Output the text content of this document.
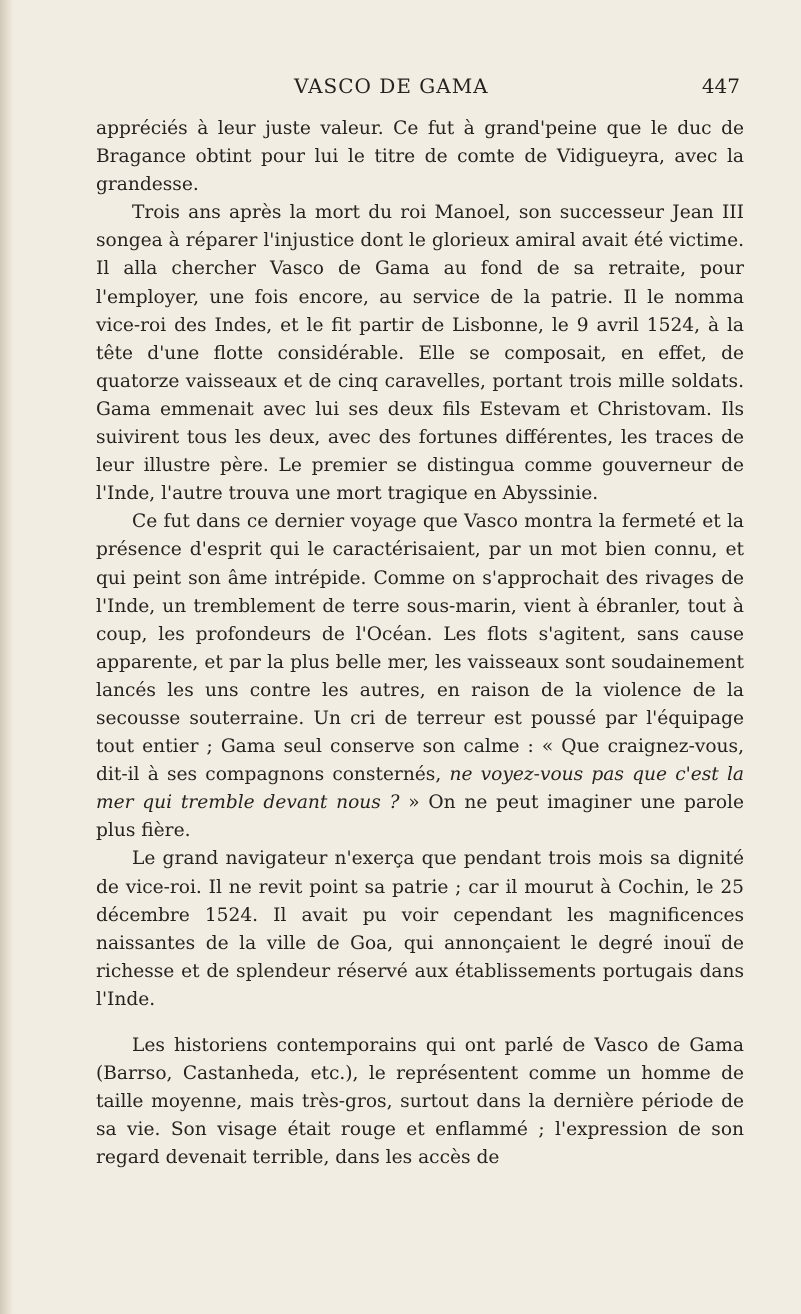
VASCO DE GAMA	447

appréciés à leur juste valeur. Ce fut à grand'peine que le duc de Bragance obtint pour lui le titre de comte de Vidigueyra, avec la grandesse.

Trois ans après la mort du roi Manoel, son successeur Jean III songea à réparer l'injustice dont le glorieux amiral avait été victime. Il alla chercher Vasco de Gama au fond de sa retraite, pour l'employer, une fois encore, au service de la patrie. Il le nomma vice-roi des Indes, et le fit partir de Lisbonne, le 9 avril 1524, à la tête d'une flotte considérable. Elle se composait, en effet, de quatorze vaisseaux et de cinq caravelles, portant trois mille soldats. Gama emmenait avec lui ses deux fils Estevam et Christovam. Ils suivirent tous les deux, avec des fortunes différentes, les traces de leur illustre père. Le premier se distingua comme gouverneur de l'Inde, l'autre trouva une mort tragique en Abyssinie.

Ce fut dans ce dernier voyage que Vasco montra la fermeté et la présence d'esprit qui le caractérisaient, par un mot bien connu, et qui peint son âme intrépide. Comme on s'approchait des rivages de l'Inde, un tremblement de terre sous-marin, vient à ébranler, tout à coup, les profondeurs de l'Océan. Les flots s'agitent, sans cause apparente, et par la plus belle mer, les vaisseaux sont soudainement lancés les uns contre les autres, en raison de la violence de la secousse souterraine. Un cri de terreur est poussé par l'équipage tout entier ; Gama seul conserve son calme : « Que craignez-vous, dit-il à ses compagnons consternés, ne voyez-vous pas que c'est la mer qui tremble devant nous ? » On ne peut imaginer une parole plus fière.

Le grand navigateur n'exerça que pendant trois mois sa dignité de vice-roi. Il ne revit point sa patrie ; car il mourut à Cochin, le 25 décembre 1524. Il avait pu voir cependant les magnificences naissantes de la ville de Goa, qui annonçaient le degré inouï de richesse et de splendeur réservé aux établissements portugais dans l'Inde.

Les historiens contemporains qui ont parlé de Vasco de Gama (Barrso, Castanheda, etc.), le représentent comme un homme de taille moyenne, mais très-gros, surtout dans la dernière période de sa vie. Son visage était rouge et enflammé ; l'expression de son regard devenait terrible, dans les accès de
